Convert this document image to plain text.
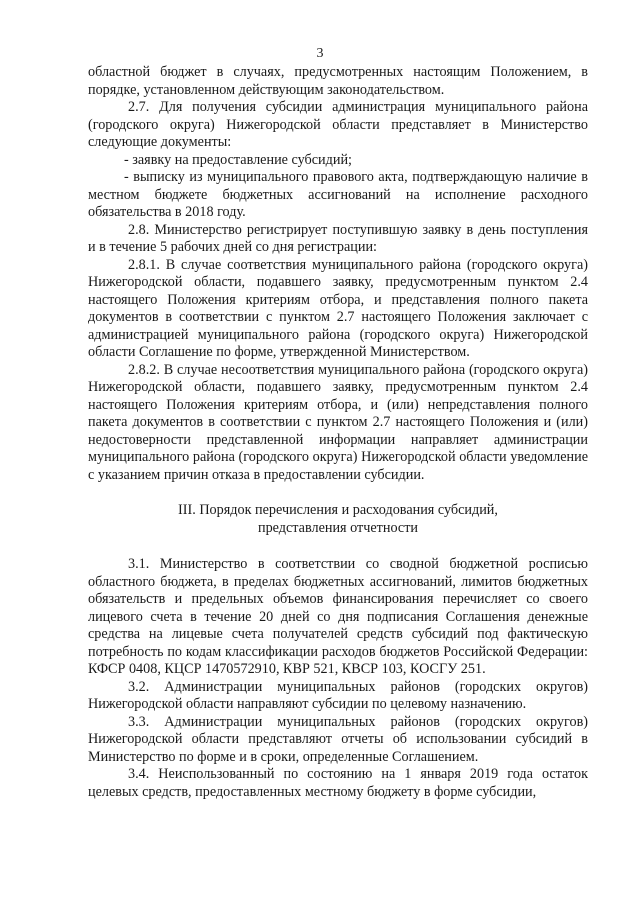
3

областной бюджет в случаях, предусмотренных настоящим Положением, в порядке, установленном действующим законодательством.

2.7. Для получения субсидии администрация муниципального района (городского округа) Нижегородской области представляет в Министерство следующие документы:

- заявку на предоставление субсидий;

- выписку из муниципального правового акта, подтверждающую наличие в местном бюджете бюджетных ассигнований на исполнение расходного обязательства в 2018 году.

2.8. Министерство регистрирует поступившую заявку в день поступления и в течение 5 рабочих дней со дня регистрации:

2.8.1. В случае соответствия муниципального района (городского округа) Нижегородской области, подавшего заявку, предусмотренным пунктом 2.4 настоящего Положения критериям отбора, и представления полного пакета документов в соответствии с пунктом 2.7 настоящего Положения заключает с администрацией муниципального района (городского округа) Нижегородской области Соглашение по форме, утвержденной Министерством.

2.8.2. В случае несоответствия муниципального района (городского округа) Нижегородской области, подавшего заявку, предусмотренным пунктом 2.4 настоящего Положения критериям отбора, и (или) непредставления полного пакета документов в соответствии с пунктом 2.7 настоящего Положения и (или) недостоверности представленной информации направляет администрации муниципального района (городского округа) Нижегородской области уведомление с указанием причин отказа в предоставлении субсидии.

III. Порядок перечисления и расходования субсидий,
представления отчетности

3.1. Министерство в соответствии со сводной бюджетной росписью областного бюджета, в пределах бюджетных ассигнований, лимитов бюджетных обязательств и предельных объемов финансирования перечисляет со своего лицевого счета в течение 20 дней со дня подписания Соглашения денежные средства на лицевые счета получателей средств субсидий под фактическую потребность по кодам классификации расходов бюджетов Российской Федерации: КФСР 0408, КЦСР 1470572910, КВР 521, КВСР 103, КОСГУ 251.

3.2. Администрации муниципальных районов (городских округов) Нижегородской области направляют субсидии по целевому назначению.

3.3. Администрации муниципальных районов (городских округов) Нижегородской области представляют отчеты об использовании субсидий в Министерство по форме и в сроки, определенные Соглашением.

3.4. Неиспользованный по состоянию на 1 января 2019 года остаток целевых средств, предоставленных местному бюджету в форме субсидии,
